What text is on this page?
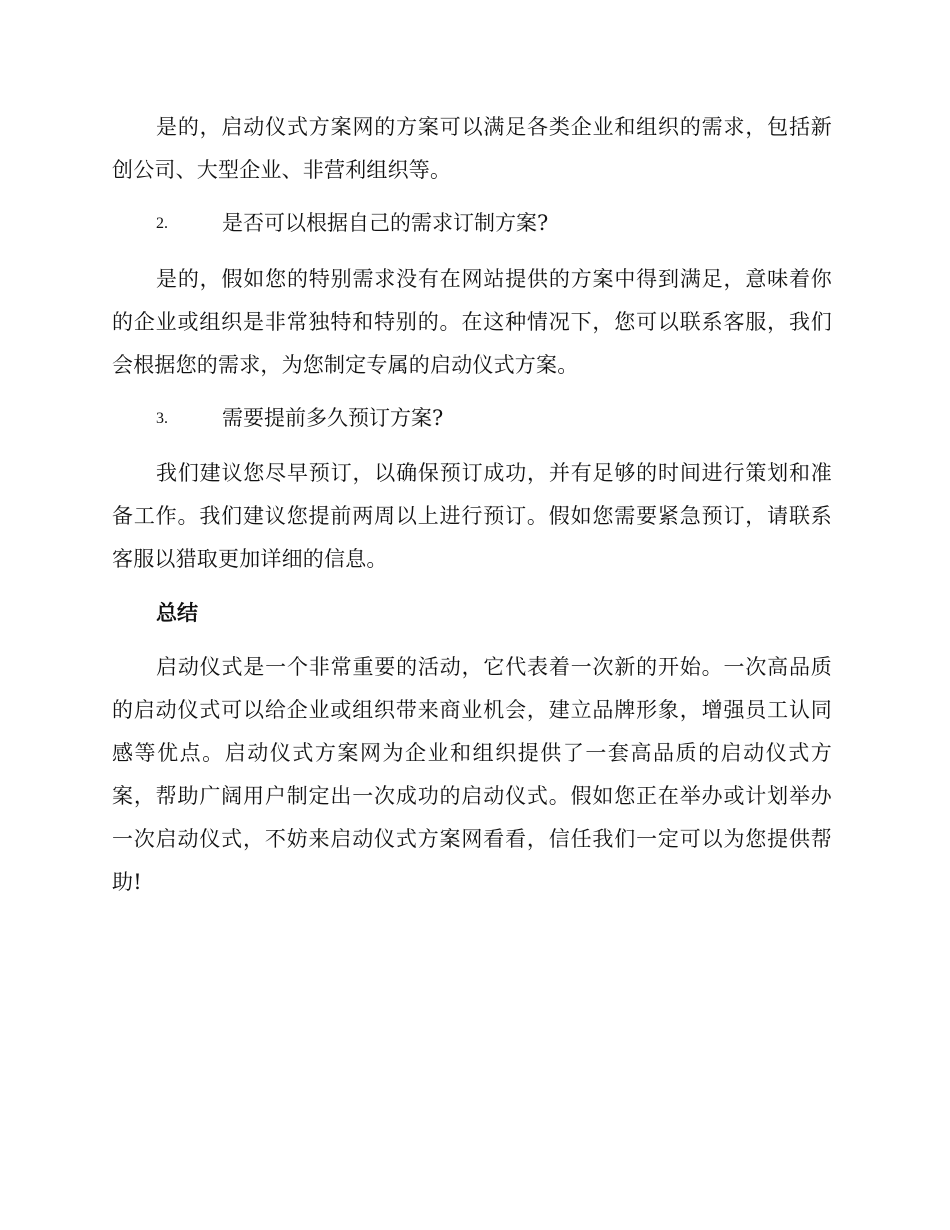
是的，启动仪式方案网的方案可以满足各类企业和组织的需求，包括新创公司、大型企业、非营利组织等。

2.	是否可以根据自己的需求订制方案?

是的，假如您的特别需求没有在网站提供的方案中得到满足，意味着你的企业或组织是非常独特和特别的。在这种情况下，您可以联系客服，我们会根据您的需求，为您制定专属的启动仪式方案。

3.	需要提前多久预订方案?

我们建议您尽早预订，以确保预订成功，并有足够的时间进行策划和准备工作。我们建议您提前两周以上进行预订。假如您需要紧急预订，请联系客服以猎取更加详细的信息。

总结

启动仪式是一个非常重要的活动，它代表着一次新的开始。一次高品质的启动仪式可以给企业或组织带来商业机会，建立品牌形象，增强员工认同感等优点。启动仪式方案网为企业和组织提供了一套高品质的启动仪式方案，帮助广阔用户制定出一次成功的启动仪式。假如您正在举办或计划举办一次启动仪式，不妨来启动仪式方案网看看，信任我们一定可以为您提供帮助!
